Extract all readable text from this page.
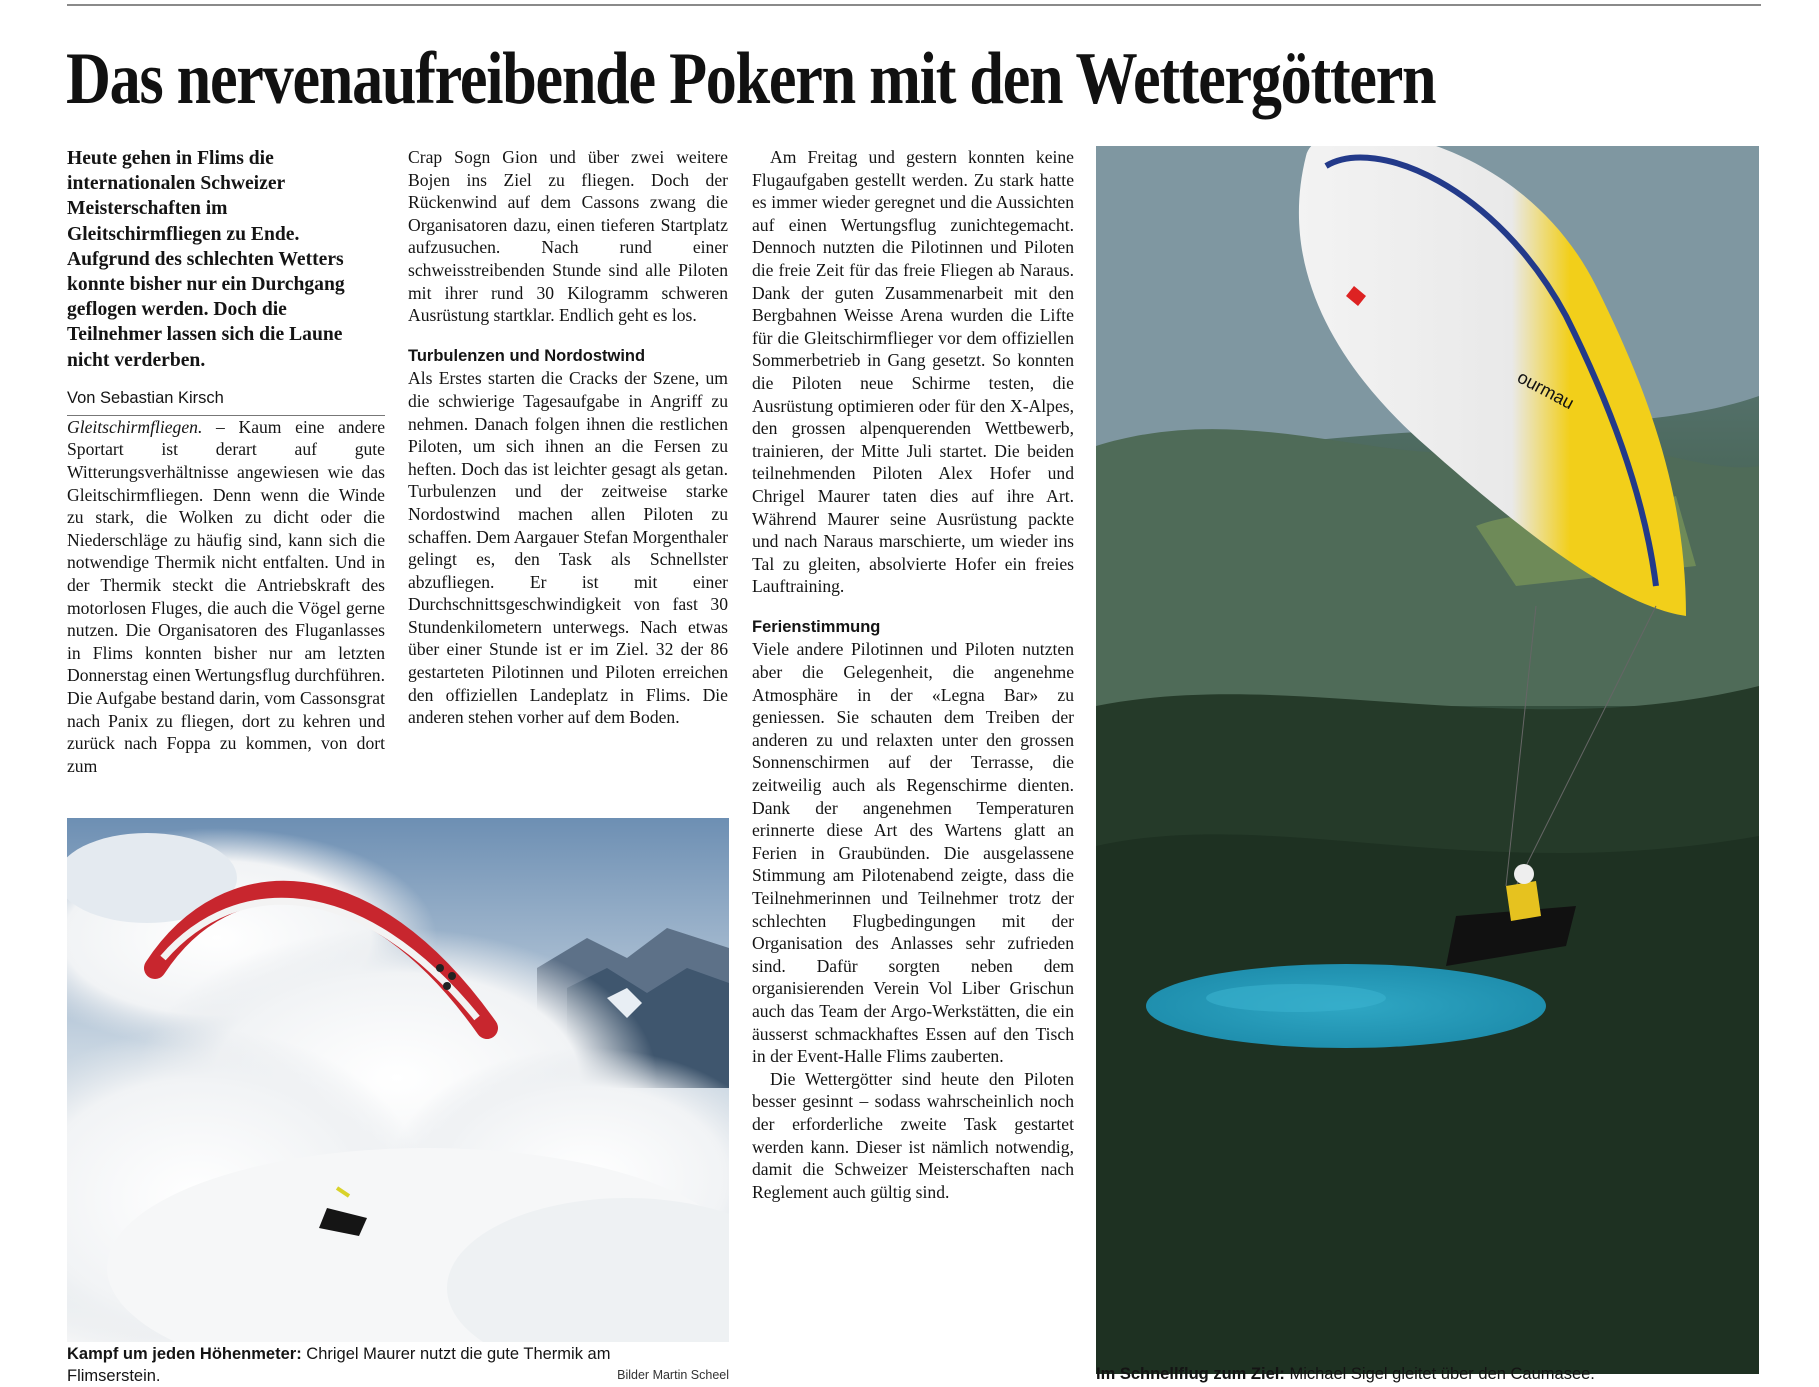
Das nervenaufreibende Pokern mit den Wettergöttern

Heute gehen in Flims die internationalen Schweizer Meisterschaften im Gleitschirmfliegen zu Ende. Aufgrund des schlechten Wetters konnte bisher nur ein Durchgang geflogen werden. Doch die Teilnehmer lassen sich die Laune nicht verderben.

Von Sebastian Kirsch

Gleitschirmfliegen. – Kaum eine andere Sportart ist derart auf gute Witterungsverhältnisse angewiesen wie das Gleitschirmfliegen. Denn wenn die Winde zu stark, die Wolken zu dicht oder die Niederschläge zu häufig sind, kann sich die notwendige Thermik nicht entfalten. Und in der Thermik steckt die Antriebskraft des motorlosen Fluges, die auch die Vögel gerne nutzen. Die Organisatoren des Fluganlasses in Flims konnten bisher nur am letzten Donnerstag einen Wertungsflug durchführen. Die Aufgabe bestand darin, vom Cassonsgrat nach Panix zu fliegen, dort zu kehren und zurück nach Foppa zu kommen, von dort zum

Crap Sogn Gion und über zwei weitere Bojen ins Ziel zu fliegen. Doch der Rückenwind auf dem Cassons zwang die Organisatoren dazu, einen tieferen Startplatz aufzusuchen. Nach rund einer schweisstreibenden Stunde sind alle Piloten mit ihrer rund 30 Kilogramm schweren Ausrüstung startklar. Endlich geht es los.

Turbulenzen und Nordostwind

Als Erstes starten die Cracks der Szene, um die schwierige Tagesaufgabe in Angriff zu nehmen. Danach folgen ihnen die restlichen Piloten, um sich ihnen an die Fersen zu heften. Doch das ist leichter gesagt als getan. Turbulenzen und der zeitweise starke Nordostwind machen allen Piloten zu schaffen. Dem Aargauer Stefan Morgenthaler gelingt es, den Task als Schnellster abzufliegen. Er ist mit einer Durchschnittsgeschwindigkeit von fast 30 Stundenkilometern unterwegs. Nach etwas über einer Stunde ist er im Ziel. 32 der 86 gestarteten Pilotinnen und Piloten erreichen den offiziellen Landeplatz in Flims. Die anderen stehen vorher auf dem Boden.

Am Freitag und gestern konnten keine Flugaufgaben gestellt werden. Zu stark hatte es immer wieder geregnet und die Aussichten auf einen Wertungsflug zunichtegemacht. Dennoch nutzten die Pilotinnen und Piloten die freie Zeit für das freie Fliegen ab Naraus. Dank der guten Zusammenarbeit mit den Bergbahnen Weisse Arena wurden die Lifte für die Gleitschirmflieger vor dem offiziellen Sommerbetrieb in Gang gesetzt. So konnten die Piloten neue Schirme testen, die Ausrüstung optimieren oder für den X-Alpes, den grossen alpenquerenden Wettbewerb, trainieren, der Mitte Juli startet. Die beiden teilnehmenden Piloten Alex Hofer und Chrigel Maurer taten dies auf ihre Art. Während Maurer seine Ausrüstung packte und nach Naraus marschierte, um wieder ins Tal zu gleiten, absolvierte Hofer ein freies Lauftraining.

Ferienstimmung

Viele andere Pilotinnen und Piloten nutzten aber die Gelegenheit, die angenehme Atmosphäre in der «Legna Bar» zu geniessen. Sie schauten dem Treiben der anderen zu und relaxten unter den grossen Sonnenschirmen auf der Terrasse, die zeitweilig auch als Regenschirme dienten. Dank der angenehmen Temperaturen erinnerte diese Art des Wartens glatt an Ferien in Graubünden. Die ausgelassene Stimmung am Pilotenabend zeigte, dass die Teilnehmerinnen und Teilnehmer trotz der schlechten Flugbedingungen mit der Organisation des Anlasses sehr zufrieden sind. Dafür sorgten neben dem organisierenden Verein Vol Liber Grischun auch das Team der Argo-Werkstätten, die ein äusserst schmackhaftes Essen auf den Tisch in der Event-Halle Flims zauberten.

Die Wettergötter sind heute den Piloten besser gesinnt – sodass wahrscheinlich noch der erforderliche zweite Task gestartet werden kann. Dieser ist nämlich notwendig, damit die Schweizer Meisterschaften nach Reglement auch gültig sind.

ourmau
Kampf um jeden Höhenmeter: Chrigel Maurer nutzt die gute Thermik am Flimserstein.	Bilder Martin Scheel	Im Schnellflug zum Ziel: Michael Sigel gleitet über den Caumasee.
